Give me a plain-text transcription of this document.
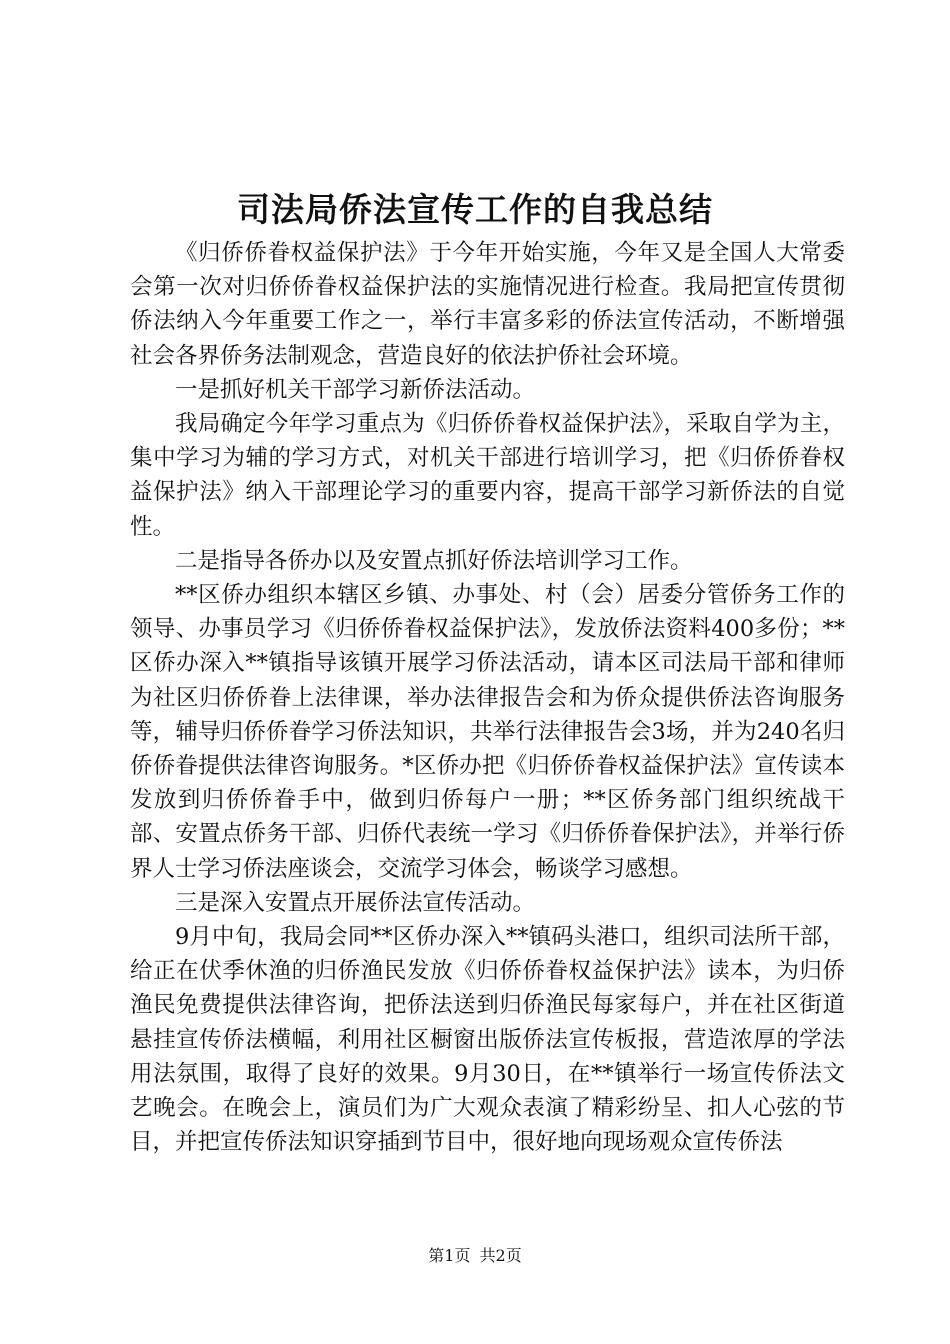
司法局侨法宣传工作的自我总结

《归侨侨眷权益保护法》于今年开始实施，今年又是全国人大常委会第一次对归侨侨眷权益保护法的实施情况进行检查。我局把宣传贯彻侨法纳入今年重要工作之一，举行丰富多彩的侨法宣传活动，不断增强社会各界侨务法制观念，营造良好的依法护侨社会环境。

一是抓好机关干部学习新侨法活动。

我局确定今年学习重点为《归侨侨眷权益保护法》，采取自学为主，集中学习为辅的学习方式，对机关干部进行培训学习，把《归侨侨眷权益保护法》纳入干部理论学习的重要内容，提高干部学习新侨法的自觉性。

二是指导各侨办以及安置点抓好侨法培训学习工作。

**区侨办组织本辖区乡镇、办事处、村（会）居委分管侨务工作的领导、办事员学习《归侨侨眷权益保护法》，发放侨法资料400多份；**区侨办深入**镇指导该镇开展学习侨法活动，请本区司法局干部和律师为社区归侨侨眷上法律课，举办法律报告会和为侨众提供侨法咨询服务等，辅导归侨侨眷学习侨法知识，共举行法律报告会3场，并为240名归侨侨眷提供法律咨询服务。*区侨办把《归侨侨眷权益保护法》宣传读本发放到归侨侨眷手中，做到归侨每户一册；**区侨务部门组织统战干部、安置点侨务干部、归侨代表统一学习《归侨侨眷保护法》，并举行侨界人士学习侨法座谈会，交流学习体会，畅谈学习感想。

三是深入安置点开展侨法宣传活动。

9月中旬，我局会同**区侨办深入**镇码头港口，组织司法所干部，给正在伏季休渔的归侨渔民发放《归侨侨眷权益保护法》读本，为归侨渔民免费提供法律咨询，把侨法送到归侨渔民每家每户，并在社区街道悬挂宣传侨法横幅，利用社区橱窗出版侨法宣传板报，营造浓厚的学法用法氛围，取得了良好的效果。9月30日，在**镇举行一场宣传侨法文艺晚会。在晚会上，演员们为广大观众表演了精彩纷呈、扣人心弦的节目，并把宣传侨法知识穿插到节目中，很好地向现场观众宣传侨法

第1页 共2页
